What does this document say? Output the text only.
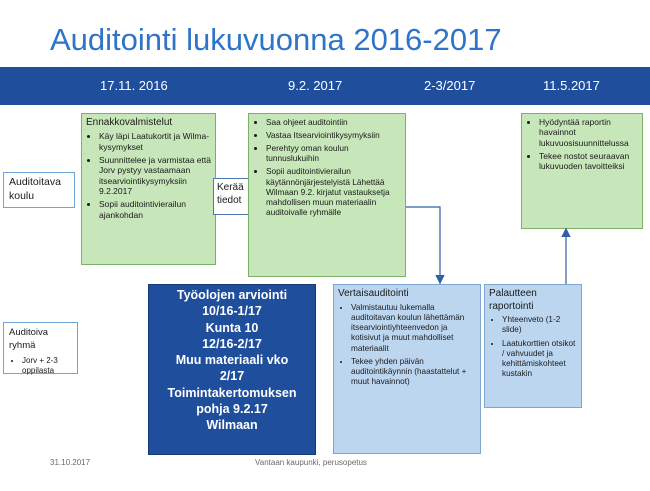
Auditointi lukuvuonna 2016-2017
17.11. 2016	9.2. 2017	2-3/2017	11.5.2017
Auditoitava koulu
Auditoiva ryhmä
• Jorv + 2-3 oppilasta
Ennakkovalmistelut
• Käy läpi Laatukortit ja Wilma-kysymykset
• Suunnittelee ja varmistaa että Jorv pystyy vastaamaan itsearviointikysymyksiin 9.2.2017
• Sopii auditointivierailun ajankohdan
Kerää tiedot
• Saa ohjeet auditointiin
• Vastaa Itsearviointikysymyksiin
• Perehtyy oman koulun tunnuslukuihin
• Sopii auditointivierailun käytännönjärjestelyistä Lähettää Wilmaan 9.2. kirjatut vastauksetja mahdollisen muun materiaalin auditoivalle ryhmälle
• Hyödyntää raportin havainnot lukuvuosisuunnittelussa
• Tekee nostot seuraavan lukuvuoden tavoitteiksi
Työolojen arviointi
10/16-1/17
Kunta 10
12/16-2/17
Muu materiaali vko
2/17
Toimintakertomuksen
pohja 9.2.17
Wilmaan
Vertaisauditointi
• Valmistautuu lukemalla auditoitavan koulun lähettämän itsearviointiyhteenvedon ja kotisivut ja muut mahdolliset materiaalit
• Tekee yhden päivän auditointikäynnin (haastattelut + muut havainnot)
Palautteen raportointi
• Yhteenveto (1-2 slide)
• Laatukorttien otsikot / vahvuudet ja kehittämiskohteet kustakin
31.10.2017	Vantaan kaupunki, perusopetus
